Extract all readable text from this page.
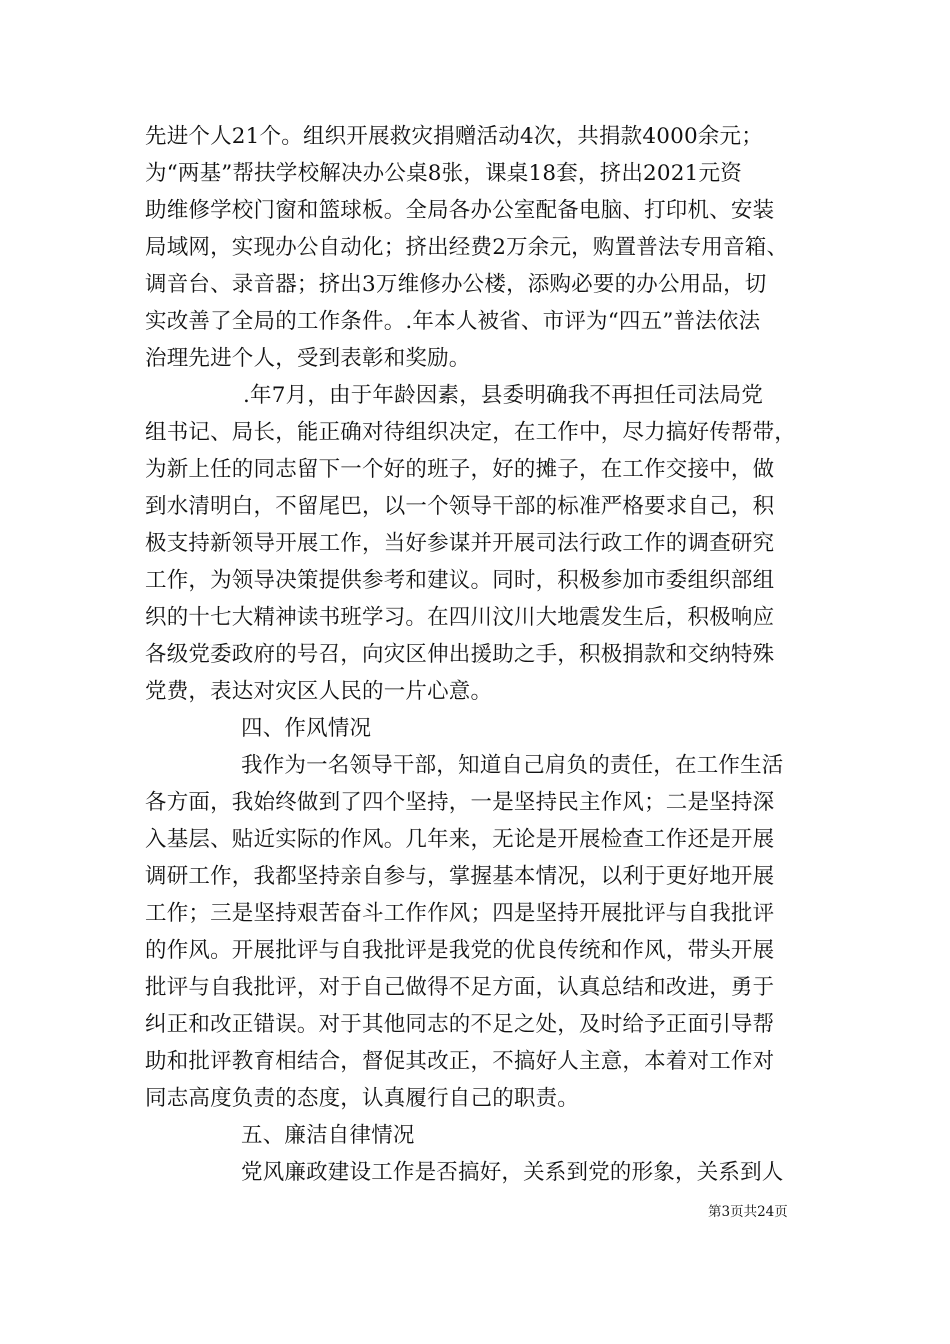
先进个人21个。组织开展救灾捐赠活动4次，共捐款4000余元；
为“两基”帮扶学校解决办公桌8张，课桌18套，挤出2021元资
助维修学校门窗和篮球板。全局各办公室配备电脑、打印机、安装
局域网，实现办公自动化；挤出经费2万余元，购置普法专用音箱、
调音台、录音器；挤出3万维修办公楼，添购必要的办公用品，切
实改善了全局的工作条件。.年本人被省、市评为“四五”普法依法
治理先进个人，受到表彰和奖励。
.年7月，由于年龄因素，县委明确我不再担任司法局党
组书记、局长，能正确对待组织决定，在工作中，尽力搞好传帮带，
为新上任的同志留下一个好的班子，好的摊子，在工作交接中，做
到水清明白，不留尾巴，以一个领导干部的标准严格要求自己，积
极支持新领导开展工作，当好参谋并开展司法行政工作的调查研究
工作，为领导决策提供参考和建议。同时，积极参加市委组织部组
织的十七大精神读书班学习。在四川汶川大地震发生后，积极响应
各级党委政府的号召，向灾区伸出援助之手，积极捐款和交纳特殊
党费，表达对灾区人民的一片心意。
四、作风情况
我作为一名领导干部，知道自己肩负的责任，在工作生活
各方面，我始终做到了四个坚持，一是坚持民主作风；二是坚持深
入基层、贴近实际的作风。几年来，无论是开展检查工作还是开展
调研工作，我都坚持亲自参与，掌握基本情况，以利于更好地开展
工作；三是坚持艰苦奋斗工作作风；四是坚持开展批评与自我批评
的作风。开展批评与自我批评是我党的优良传统和作风，带头开展
批评与自我批评，对于自己做得不足方面，认真总结和改进，勇于
纠正和改正错误。对于其他同志的不足之处，及时给予正面引导帮
助和批评教育相结合，督促其改正，不搞好人主意，本着对工作对
同志高度负责的态度，认真履行自己的职责。
五、廉洁自律情况
党风廉政建设工作是否搞好，关系到党的形象，关系到人
第3页共24页
